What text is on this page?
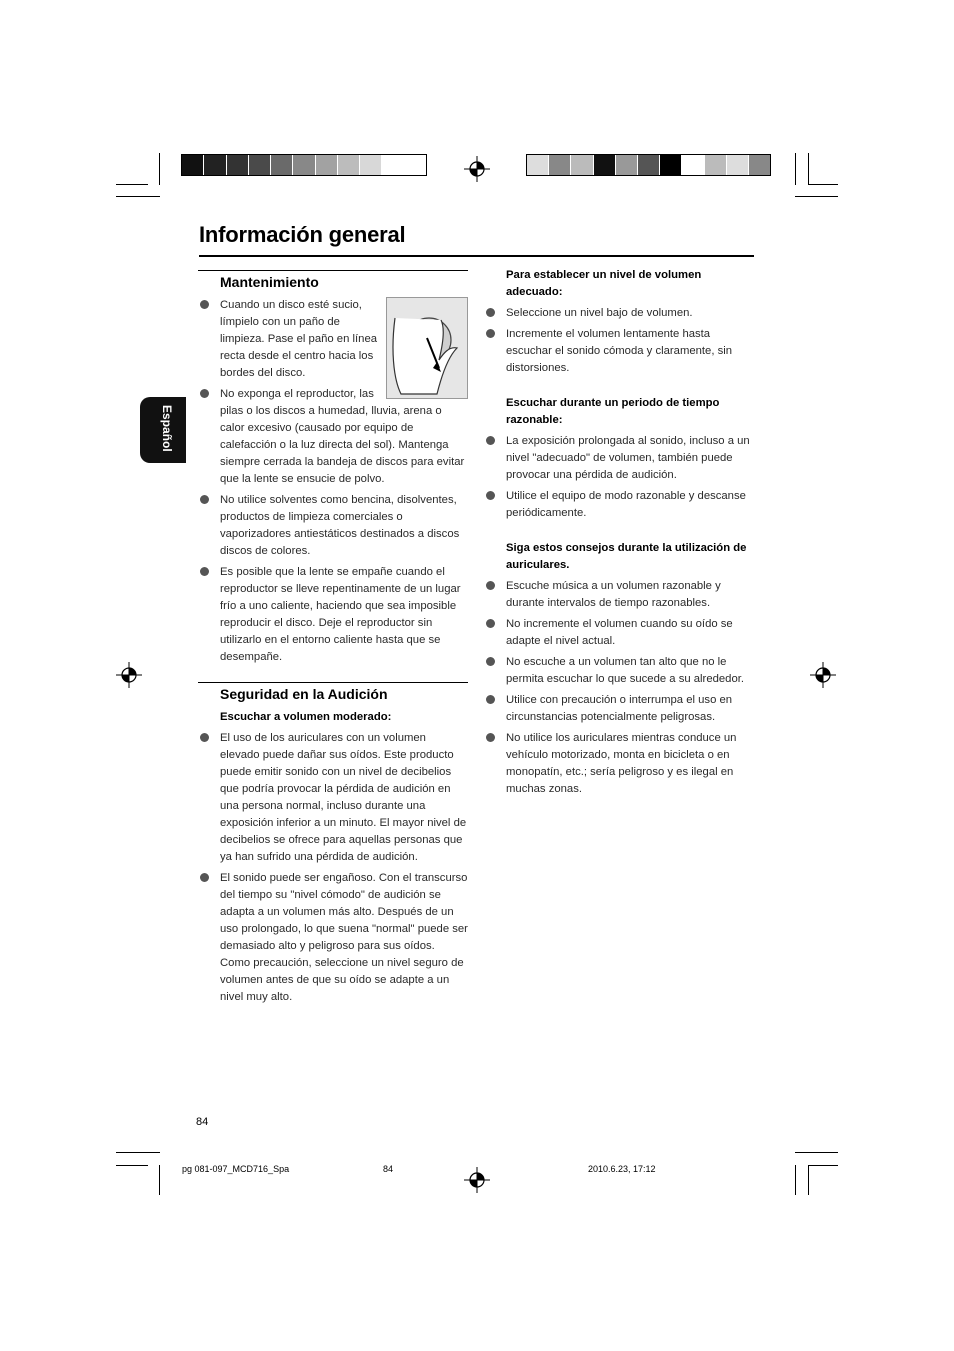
Información general
Español
Mantenimiento
Cuando un disco esté sucio, límpielo con un paño de limpieza. Pase el paño en línea recta desde el centro hacia los bordes del disco.
No exponga el reproductor, las pilas o los discos a humedad, lluvia, arena o calor excesivo (causado por equipo de calefacción o la luz directa del sol). Mantenga siempre cerrada la bandeja de discos para evitar que la lente se ensucie de polvo.
No utilice solventes como bencina, disolventes, productos de limpieza comerciales o vaporizadores antiestáticos destinados a discos discos de colores.
Es posible que la lente se empañe cuando el reproductor se lleve repentinamente de un lugar frío a uno caliente, haciendo que sea imposible reproducir el disco. Deje el reproductor sin utilizarlo en el entorno caliente hasta que se desempañe.
Seguridad en la Audición
Escuchar a volumen moderado:
El uso de los auriculares con un volumen elevado puede dañar sus oídos. Este producto puede emitir sonido con un nivel de decibelios que podría provocar la pérdida de audición en una persona normal, incluso durante una exposición inferior a un minuto. El mayor nivel de decibelios se ofrece para aquellas personas que ya han sufrido una pérdida de audición.
El sonido puede ser engañoso. Con el transcurso del tiempo su "nivel cómodo" de audición se adapta a un volumen más alto. Después de un uso prolongado, lo que suena "normal" puede ser demasiado alto y peligroso para sus oídos. Como precaución, seleccione un nivel seguro de volumen antes de que su oído se adapte a un nivel muy alto.
Para establecer un nivel de volumen adecuado:
Seleccione un nivel bajo de volumen.
Incremente el volumen lentamente hasta escuchar el sonido cómoda y claramente, sin distorsiones.
Escuchar durante un periodo de tiempo razonable:
La exposición prolongada al sonido, incluso a un nivel "adecuado" de volumen, también puede provocar una pérdida de audición.
Utilice el equipo de modo razonable y descanse periódicamente.
Siga estos consejos durante la utilización de auriculares.
Escuche música a un volumen razonable y durante intervalos de tiempo razonables.
No incremente el volumen cuando su oído se adapte el nivel actual.
No escuche a un volumen tan alto que no le permita escuchar lo que sucede a su alrededor.
Utilice con precaución o interrumpa el uso en circunstancias potencialmente peligrosas.
No utilice los auriculares mientras conduce un vehículo motorizado, monta en bicicleta o en monopatín, etc.; sería peligroso y es ilegal en muchas zonas.
84
pg 081-097_MCD716_Spa	84	2010.6.23, 17:12
